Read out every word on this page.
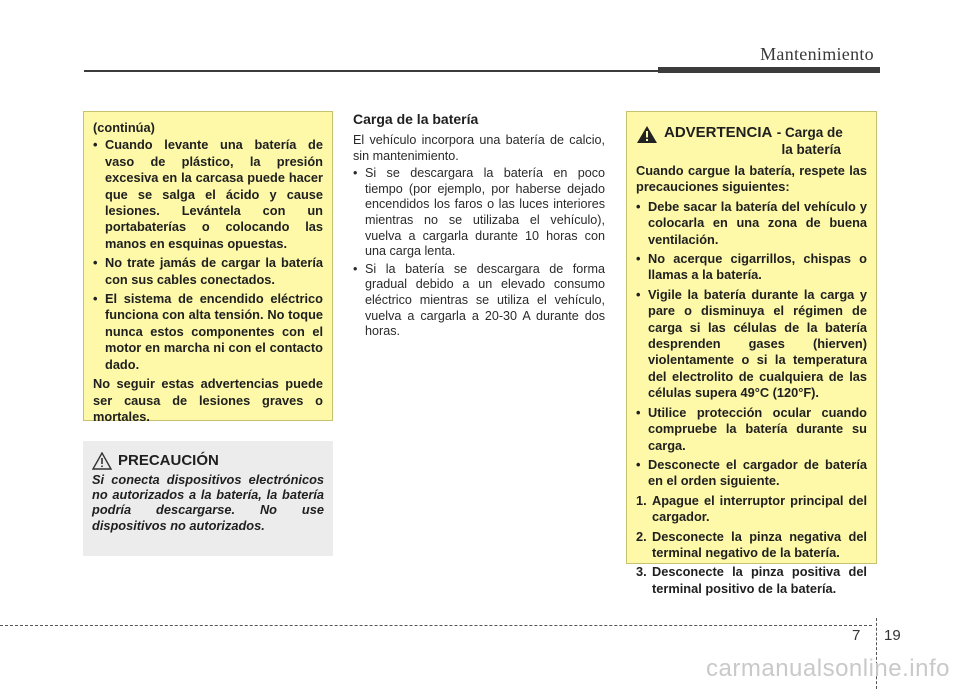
Mantenimiento
(continúa)
• Cuando levante una batería de vaso de plástico, la presión excesiva en la carcasa puede hacer que se salga el ácido y cause lesiones. Levántela con un portabaterías o colocando las manos en esquinas opuestas.
• No trate jamás de cargar la batería con sus cables conectados.
• El sistema de encendido eléctrico funciona con alta tensión. No toque nunca estos componentes con el motor en marcha ni con el contacto dado.
No seguir estas advertencias puede ser causa de lesiones graves o mortales.
PRECAUCIÓN
Si conecta dispositivos electrónicos no autorizados a la batería, la batería podría descargarse. No use dispositivos no autorizados.
Carga de la batería

El vehículo incorpora una batería de calcio, sin mantenimiento.

• Si se descargara la batería en poco tiempo (por ejemplo, por haberse dejado encendidos los faros o las luces interiores mientras no se utilizaba el vehículo), vuelva a cargarla durante 10 horas con una carga lenta.
• Si la batería se descargara de forma gradual debido a un elevado consumo eléctrico mientras se utiliza el vehículo, vuelva a cargarla a 20-30 A durante dos horas.
ADVERTENCIA - Carga de
la batería
Cuando cargue la batería, respete las precauciones siguientes:
• Debe sacar la batería del vehículo y colocarla en una zona de buena ventilación.
• No acerque cigarrillos, chispas o llamas a la batería.
• Vigile la batería durante la carga y pare o disminuya el régimen de carga si las células de la batería desprenden gases (hierven) violentamente o si la temperatura del electrolito de cualquiera de las células supera 49°C (120°F).
• Utilice protección ocular cuando compruebe la batería durante su carga.
• Desconecte el cargador de batería en el orden siguiente.
1. Apague el interruptor principal del cargador.
2. Desconecte la pinza negativa del terminal negativo de la batería.
3. Desconecte la pinza positiva del terminal positivo de la batería.
7 19
carmanualsonline.info
